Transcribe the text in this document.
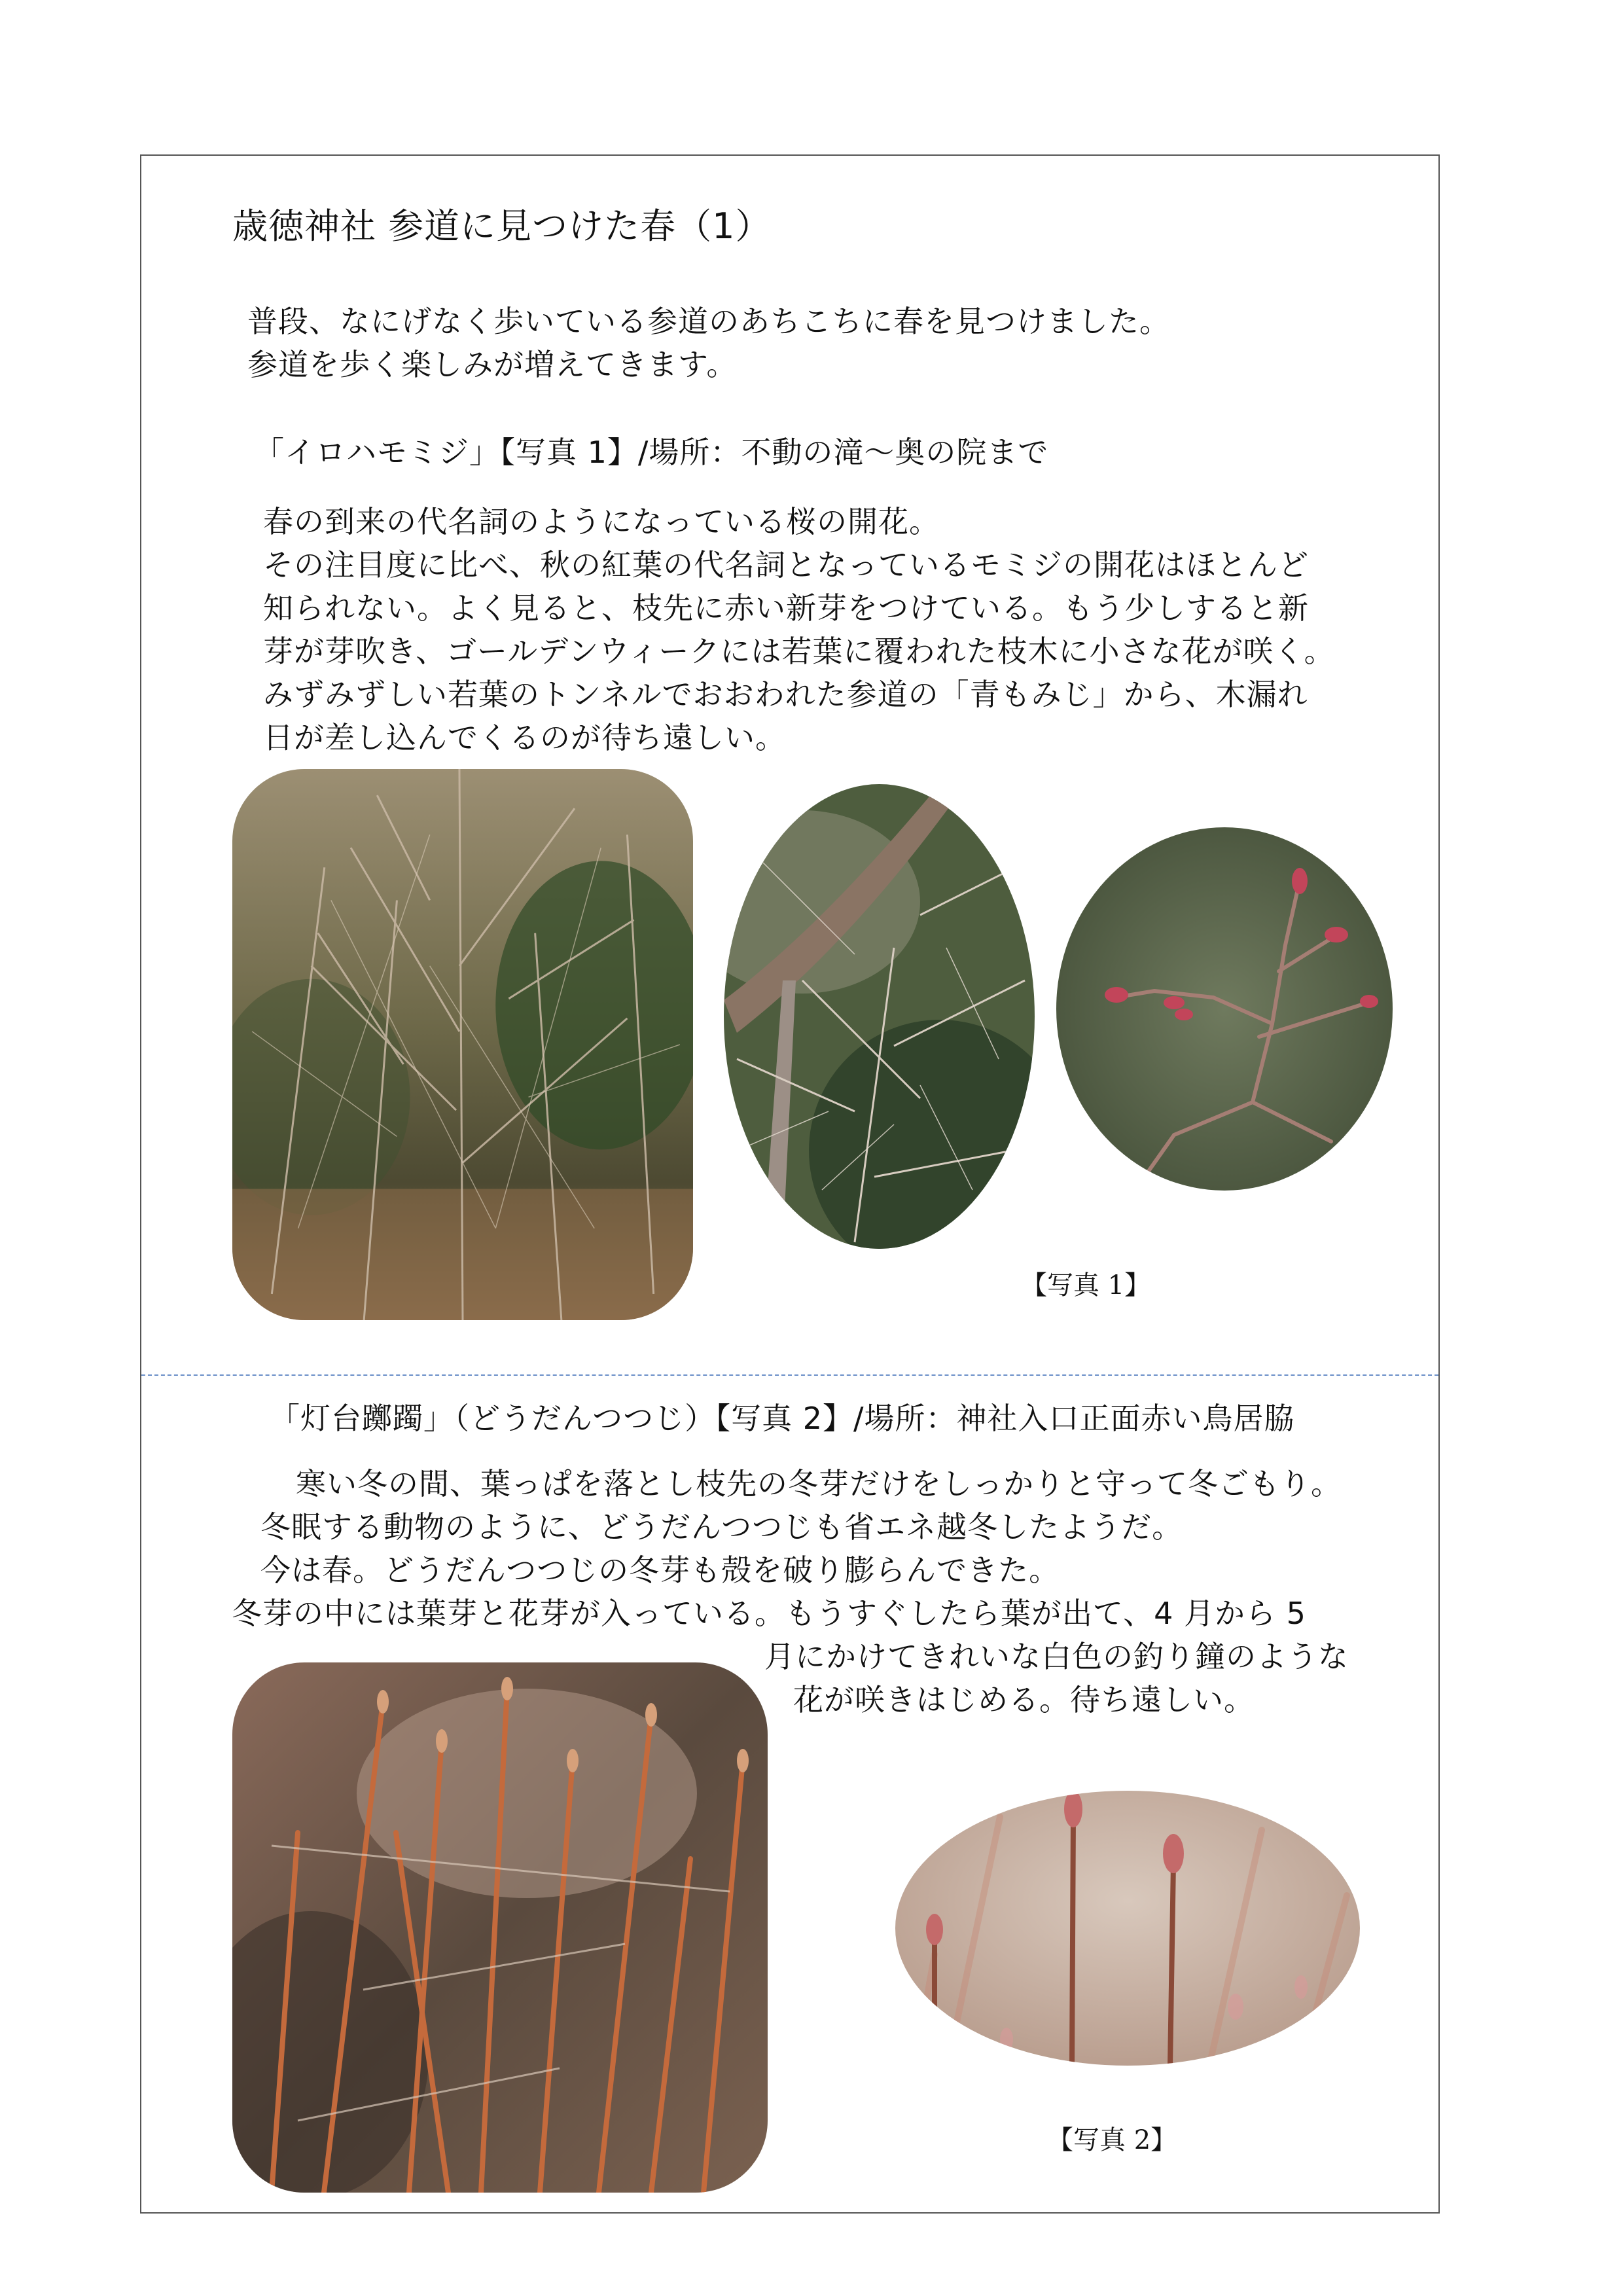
歳徳神社 参道に見つけた春（1）
普段、なにげなく歩いている参道のあちこちに春を見つけました。
参道を歩く楽しみが増えてきます。
「イロハモミジ」【写真 1】/場所：不動の滝～奥の院まで
春の到来の代名詞のようになっている桜の開花。
その注目度に比べ、秋の紅葉の代名詞となっているモミジの開花はほとんど
知られない。よく見ると、枝先に赤い新芽をつけている。もう少しすると新
芽が芽吹き、ゴールデンウィークには若葉に覆われた枝木に小さな花が咲く。
みずみずしい若葉のトンネルでおおわれた参道の「青もみじ」から、木漏れ
日が差し込んでくるのが待ち遠しい。
【写真 1】
「灯台躑躅」（どうだんつつじ）【写真 2】/場所：神社入口正面赤い鳥居脇
寒い冬の間、葉っぱを落とし枝先の冬芽だけをしっかりと守って冬ごもり。
冬眠する動物のように、どうだんつつじも省エネ越冬したようだ。
今は春。どうだんつつじの冬芽も殻を破り膨らんできた。
冬芽の中には葉芽と花芽が入っている。もうすぐしたら葉が出て、4 月から 5
月にかけてきれいな白色の釣り鐘のような
花が咲きはじめる。待ち遠しい。
【写真 2】
